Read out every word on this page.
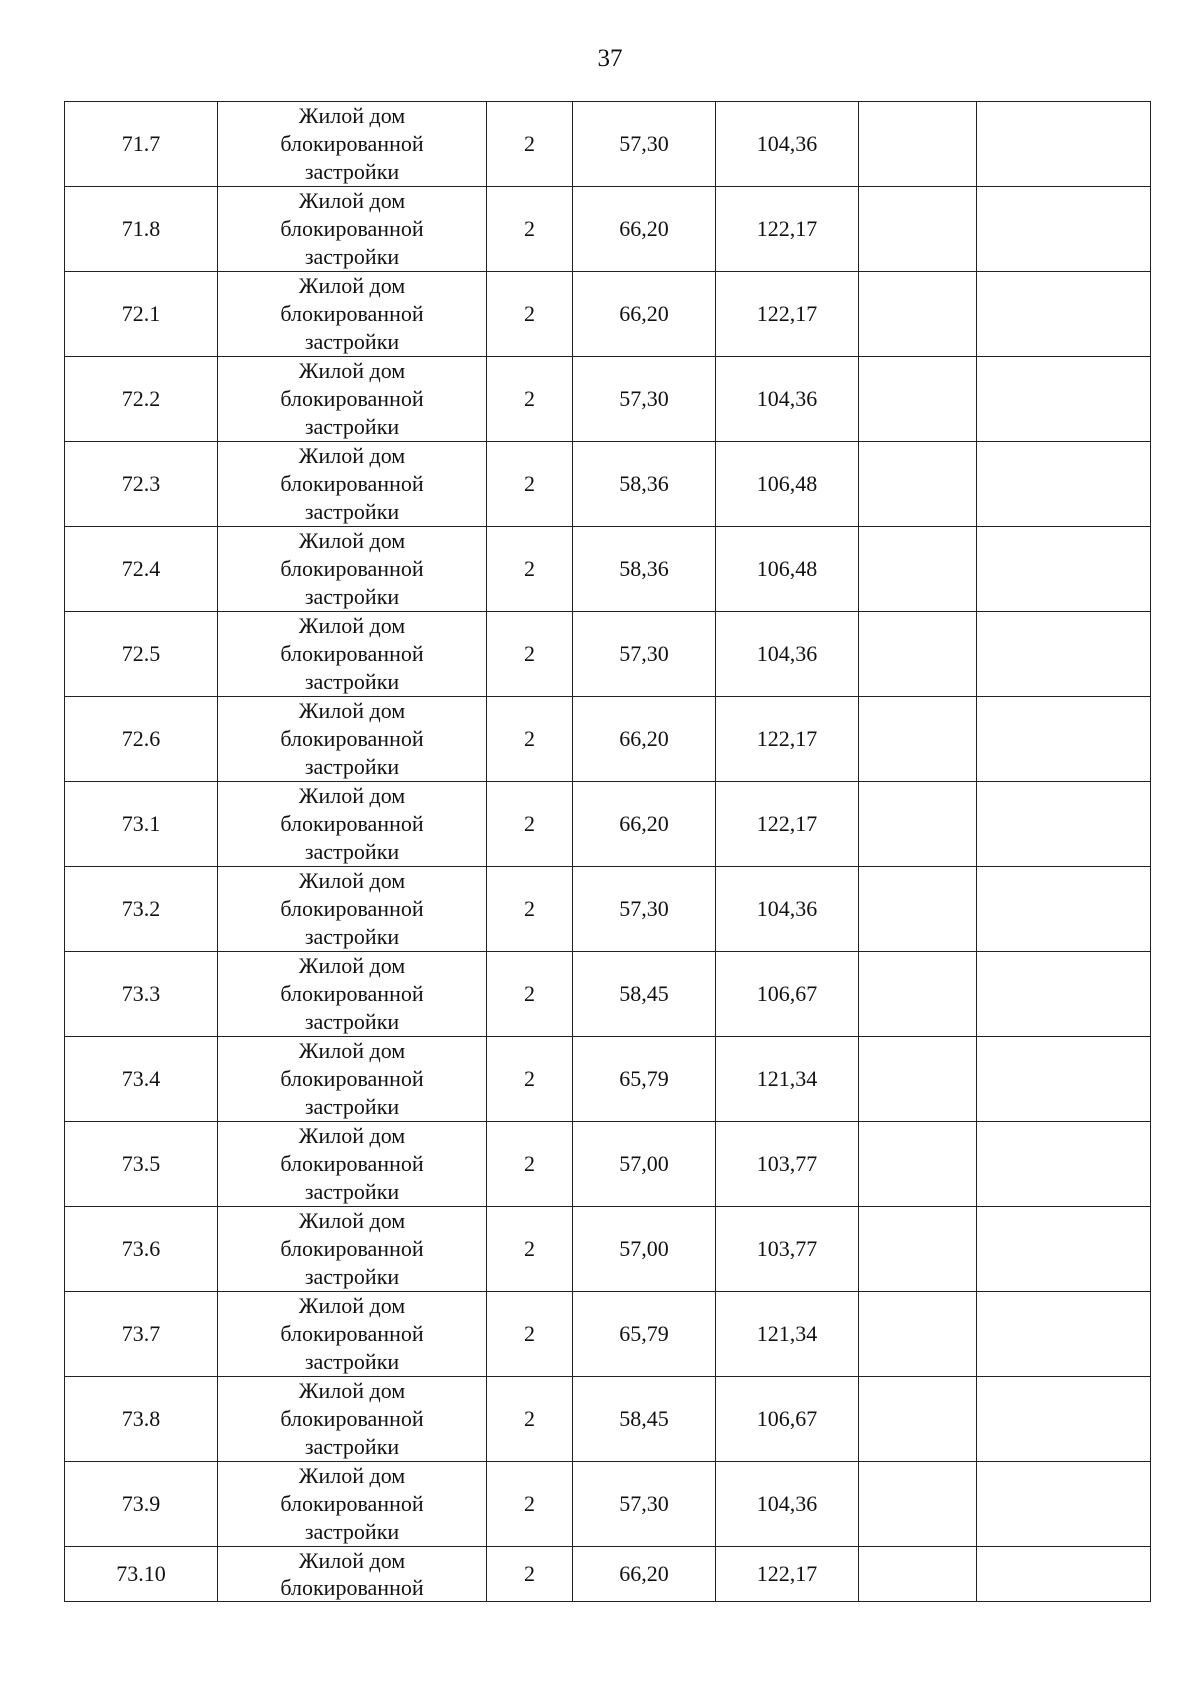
37
71.7	Жилой дом
блокированной
застройки	2	57,30	104,36		
71.8	Жилой дом
блокированной
застройки	2	66,20	122,17		
72.1	Жилой дом
блокированной
застройки	2	66,20	122,17		
72.2	Жилой дом
блокированной
застройки	2	57,30	104,36		
72.3	Жилой дом
блокированной
застройки	2	58,36	106,48		
72.4	Жилой дом
блокированной
застройки	2	58,36	106,48		
72.5	Жилой дом
блокированной
застройки	2	57,30	104,36		
72.6	Жилой дом
блокированной
застройки	2	66,20	122,17		
73.1	Жилой дом
блокированной
застройки	2	66,20	122,17		
73.2	Жилой дом
блокированной
застройки	2	57,30	104,36		
73.3	Жилой дом
блокированной
застройки	2	58,45	106,67		
73.4	Жилой дом
блокированной
застройки	2	65,79	121,34		
73.5	Жилой дом
блокированной
застройки	2	57,00	103,77		
73.6	Жилой дом
блокированной
застройки	2	57,00	103,77		
73.7	Жилой дом
блокированной
застройки	2	65,79	121,34		
73.8	Жилой дом
блокированной
застройки	2	58,45	106,67		
73.9	Жилой дом
блокированной
застройки	2	57,30	104,36		
73.10	Жилой дом
блокированной	2	66,20	122,17		
